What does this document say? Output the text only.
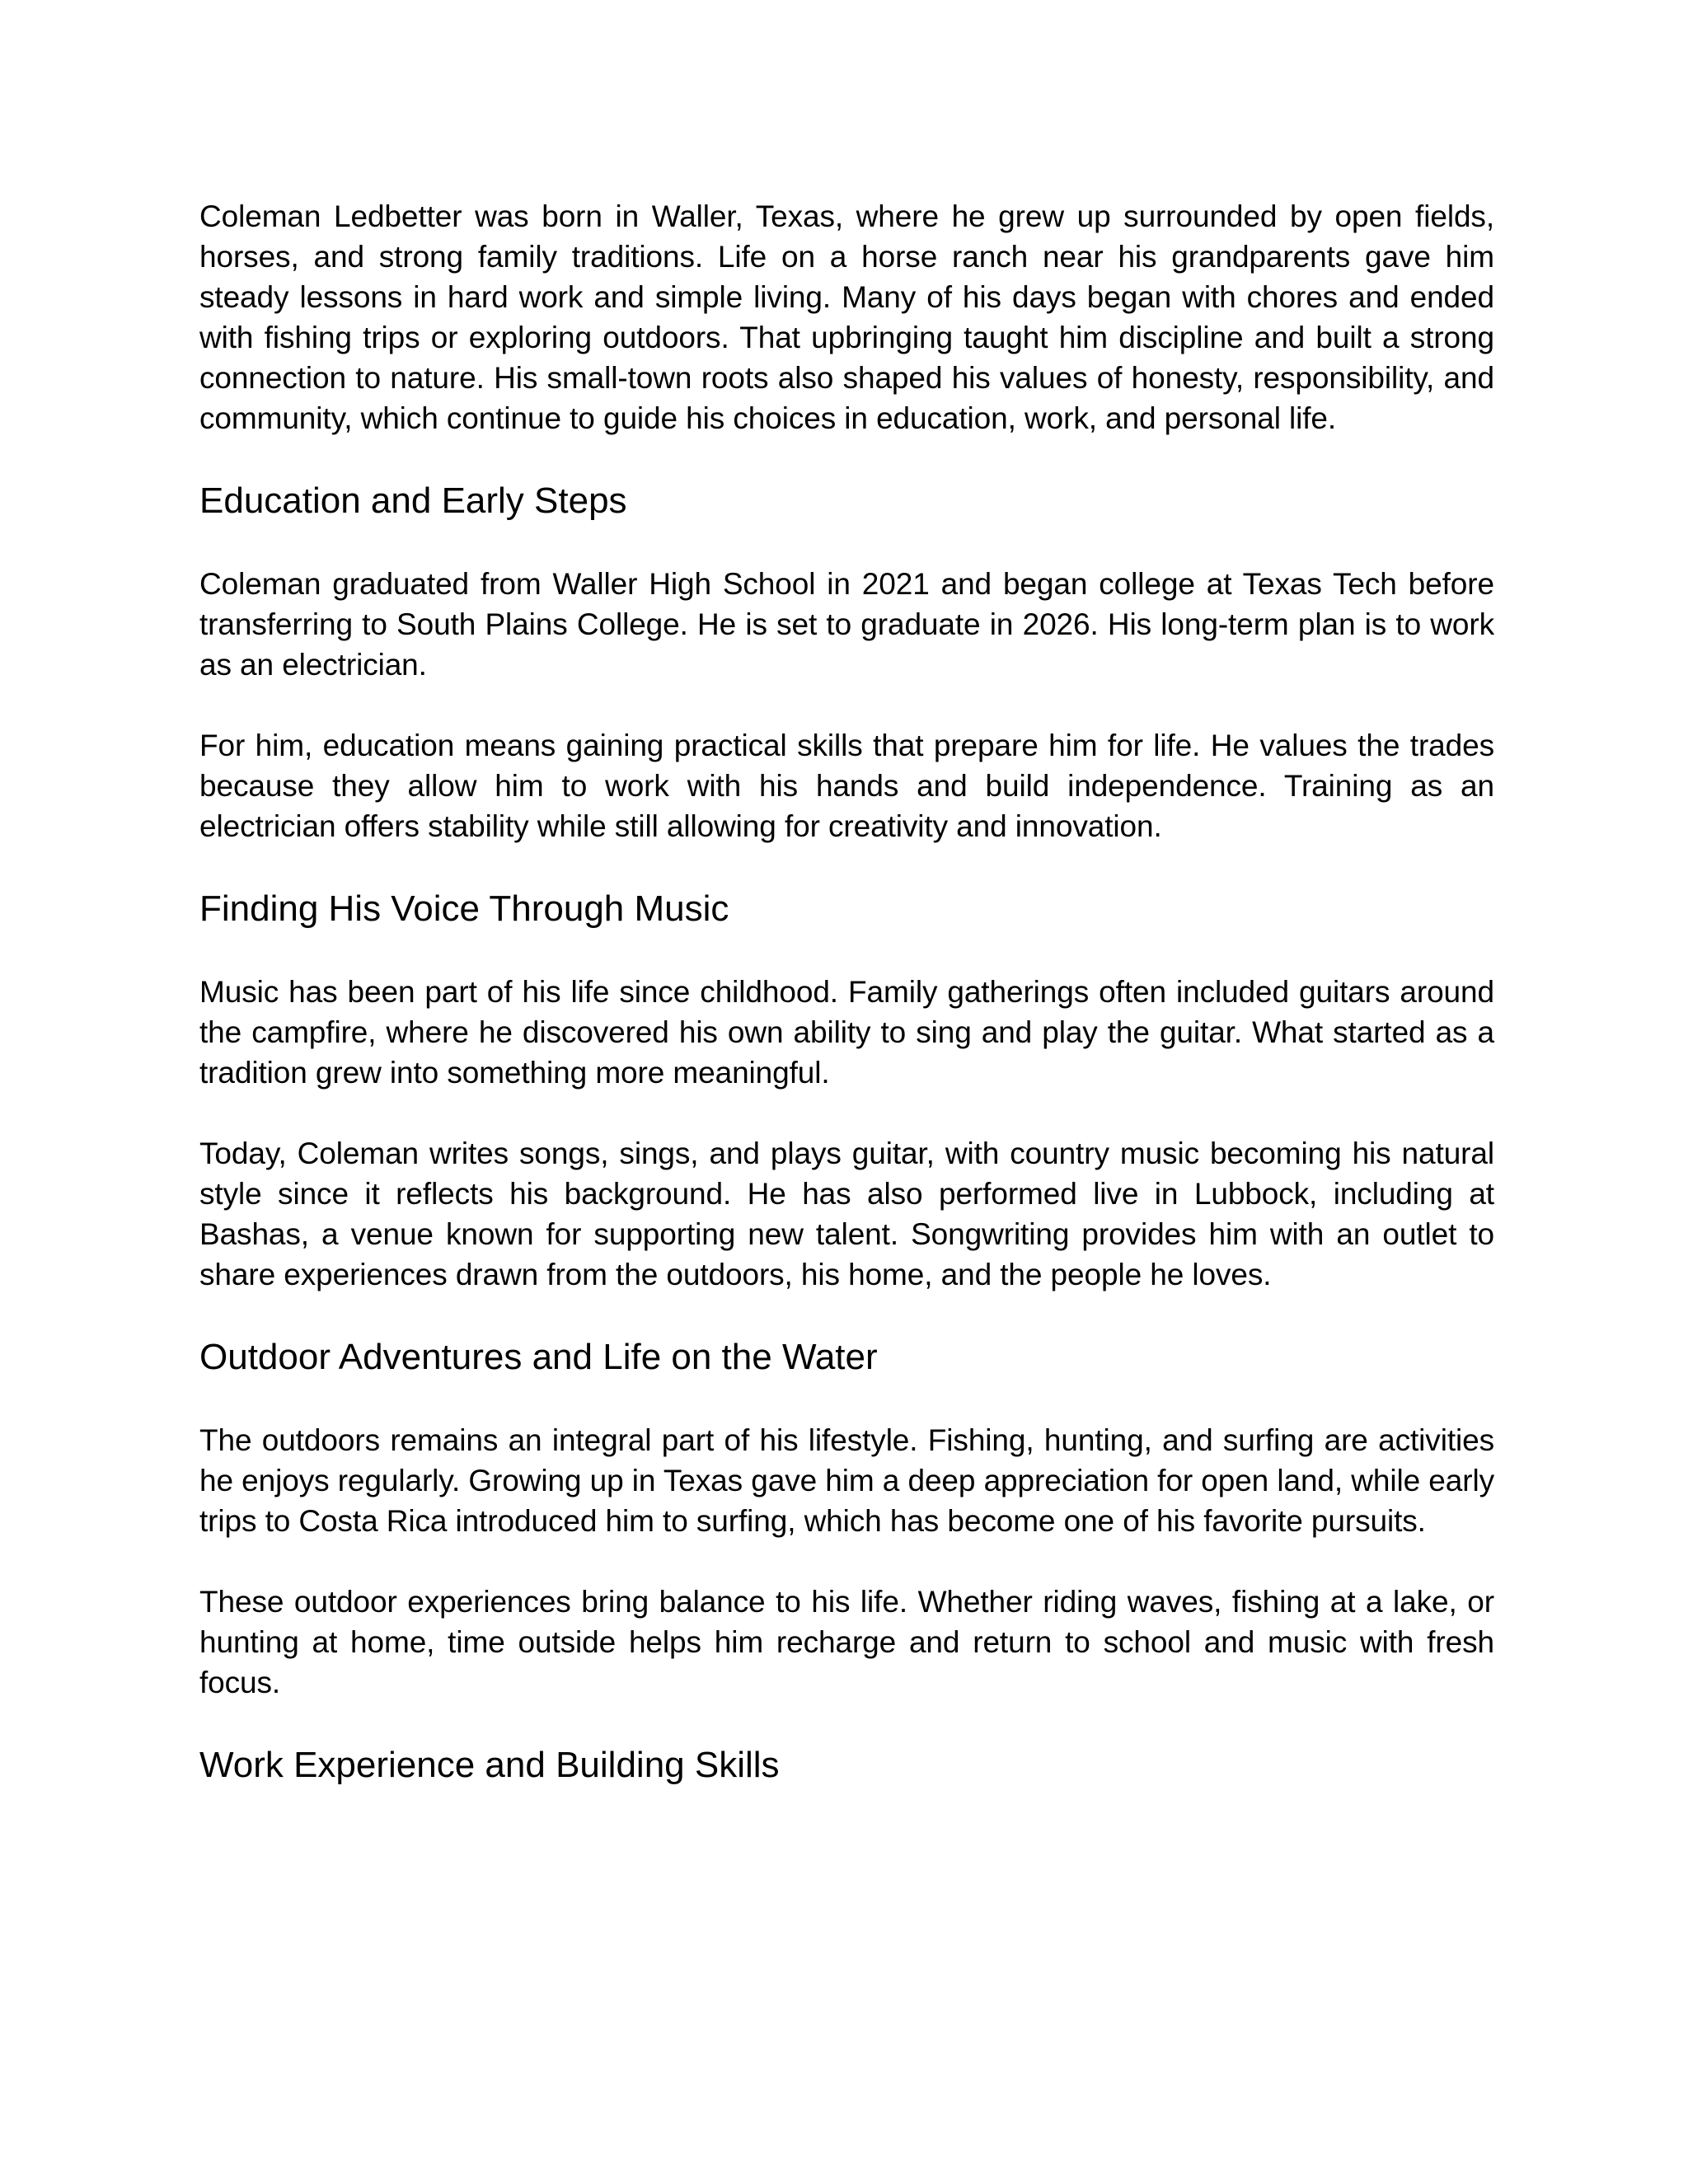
Coleman Ledbetter was born in Waller, Texas, where he grew up surrounded by open fields, horses, and strong family traditions. Life on a horse ranch near his grandparents gave him steady lessons in hard work and simple living. Many of his days began with chores and ended with fishing trips or exploring outdoors. That upbringing taught him discipline and built a strong connection to nature. His small-town roots also shaped his values of honesty, responsibility, and community, which continue to guide his choices in education, work, and personal life.

Education and Early Steps

Coleman graduated from Waller High School in 2021 and began college at Texas Tech before transferring to South Plains College. He is set to graduate in 2026. His long-term plan is to work as an electrician.

For him, education means gaining practical skills that prepare him for life. He values the trades because they allow him to work with his hands and build independence. Training as an electrician offers stability while still allowing for creativity and innovation.

Finding His Voice Through Music

Music has been part of his life since childhood. Family gatherings often included guitars around the campfire, where he discovered his own ability to sing and play the guitar. What started as a tradition grew into something more meaningful.

Today, Coleman writes songs, sings, and plays guitar, with country music becoming his natural style since it reflects his background. He has also performed live in Lubbock, including at Bashas, a venue known for supporting new talent. Songwriting provides him with an outlet to share experiences drawn from the outdoors, his home, and the people he loves.

Outdoor Adventures and Life on the Water

The outdoors remains an integral part of his lifestyle. Fishing, hunting, and surfing are activities he enjoys regularly. Growing up in Texas gave him a deep appreciation for open land, while early trips to Costa Rica introduced him to surfing, which has become one of his favorite pursuits.

These outdoor experiences bring balance to his life. Whether riding waves, fishing at a lake, or hunting at home, time outside helps him recharge and return to school and music with fresh focus.

Work Experience and Building Skills
